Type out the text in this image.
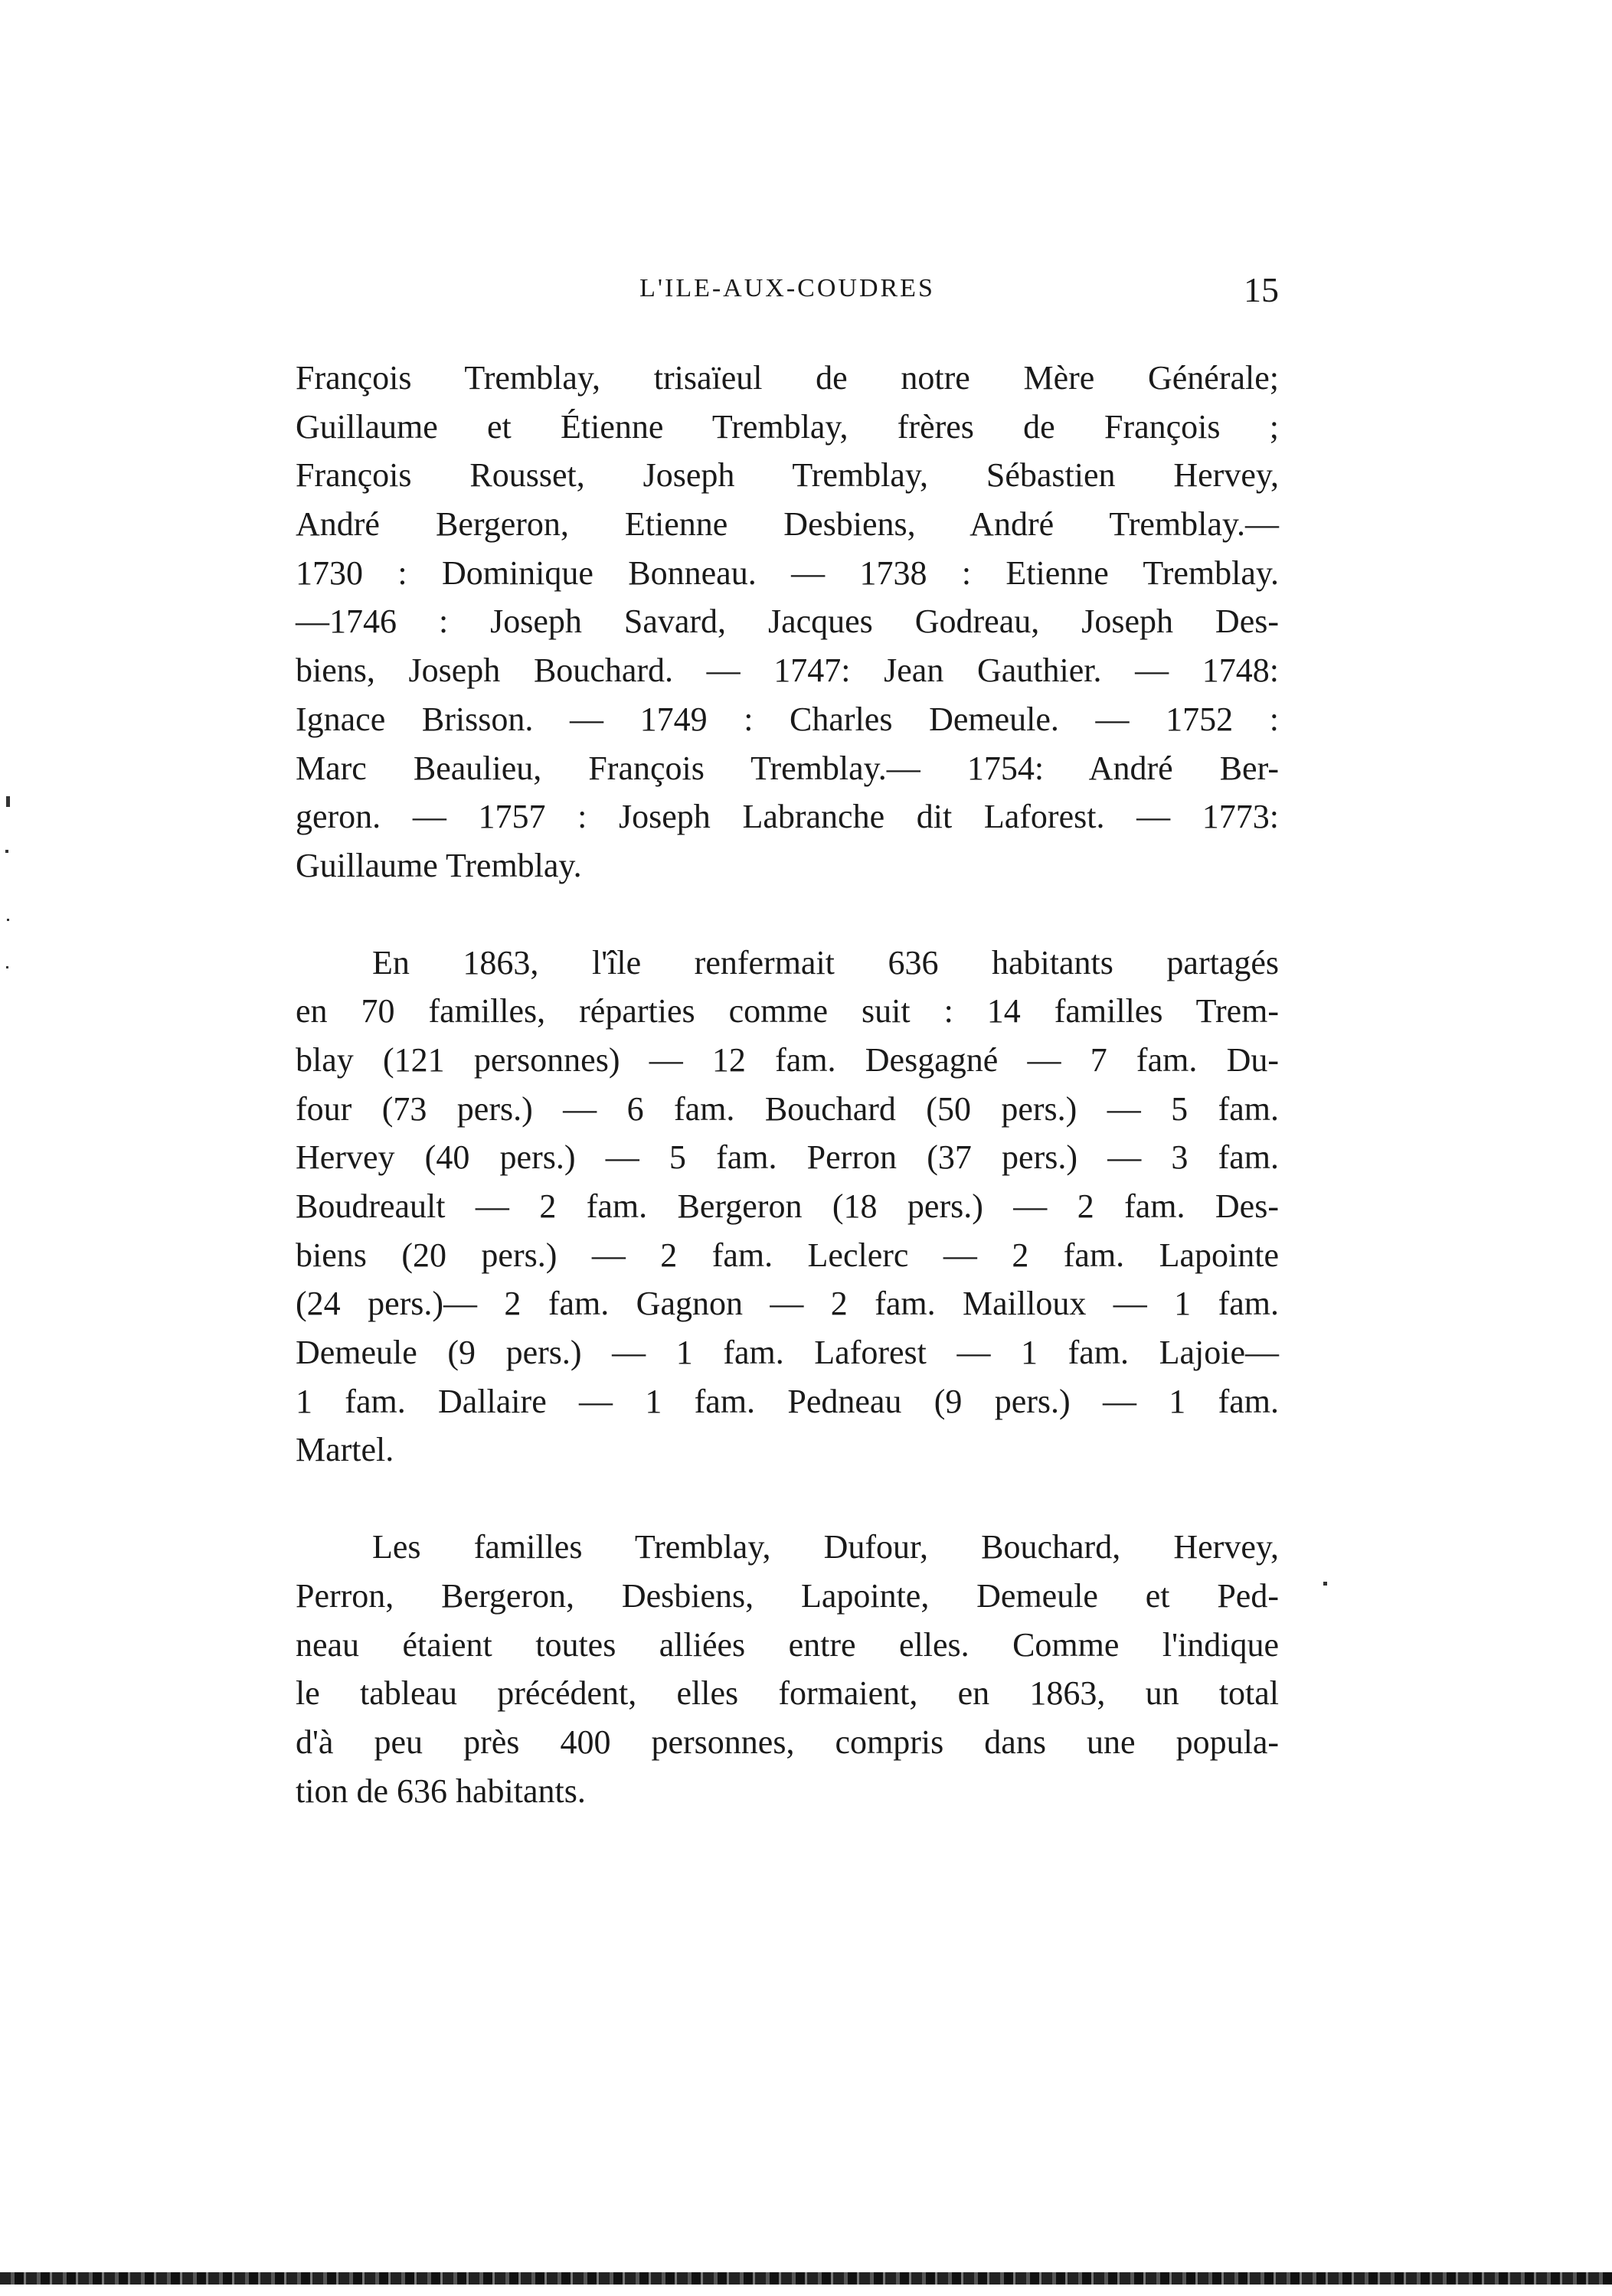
L'ILE-AUX-COUDRES	15
François Tremblay, trisaïeul de notre Mère Générale;
Guillaume et Étienne Tremblay, frères de François ;
François Rousset, Joseph Tremblay, Sébastien Hervey,
André Bergeron, Etienne Desbiens, André Tremblay.—
1730 : Dominique Bonneau. — 1738 : Etienne Tremblay.
—1746 : Joseph Savard, Jacques Godreau, Joseph Des-
biens, Joseph Bouchard. — 1747: Jean Gauthier. — 1748:
Ignace Brisson. — 1749 : Charles Demeule. — 1752 :
Marc Beaulieu, François Tremblay.— 1754: André Ber-
geron. — 1757 : Joseph Labranche dit Laforest. — 1773:
Guillaume Tremblay.
En 1863, l'île renfermait 636 habitants partagés
en 70 familles, réparties comme suit : 14 familles Trem-
blay (121 personnes) — 12 fam. Desgagné — 7 fam. Du-
four (73 pers.) — 6 fam. Bouchard (50 pers.) — 5 fam.
Hervey (40 pers.) — 5 fam. Perron (37 pers.) — 3 fam.
Boudreault — 2 fam. Bergeron (18 pers.) — 2 fam. Des-
biens (20 pers.) — 2 fam. Leclerc — 2 fam. Lapointe
(24 pers.)— 2 fam. Gagnon — 2 fam. Mailloux — 1 fam.
Demeule (9 pers.) — 1 fam. Laforest — 1 fam. Lajoie—
1 fam. Dallaire — 1 fam. Pedneau (9 pers.) — 1 fam.
Martel.
Les familles Tremblay, Dufour, Bouchard, Hervey,
Perron, Bergeron, Desbiens, Lapointe, Demeule et Ped-
neau étaient toutes alliées entre elles. Comme l'indique
le tableau précédent, elles formaient, en 1863, un total
d'à peu près 400 personnes, compris dans une popula-
tion de 636 habitants.
